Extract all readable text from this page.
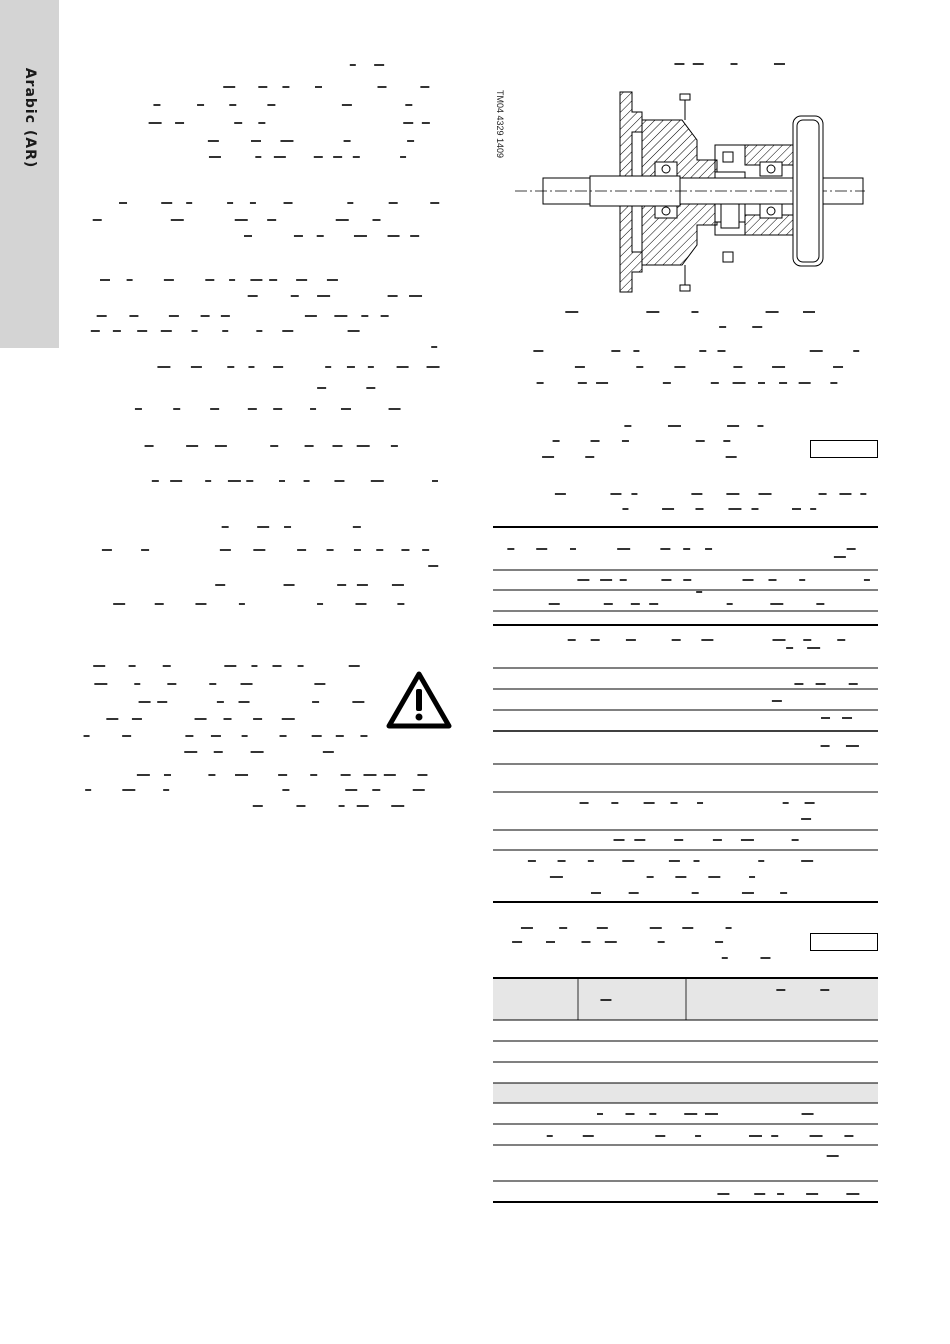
Arabic (AR)	TM04 4329 1409
